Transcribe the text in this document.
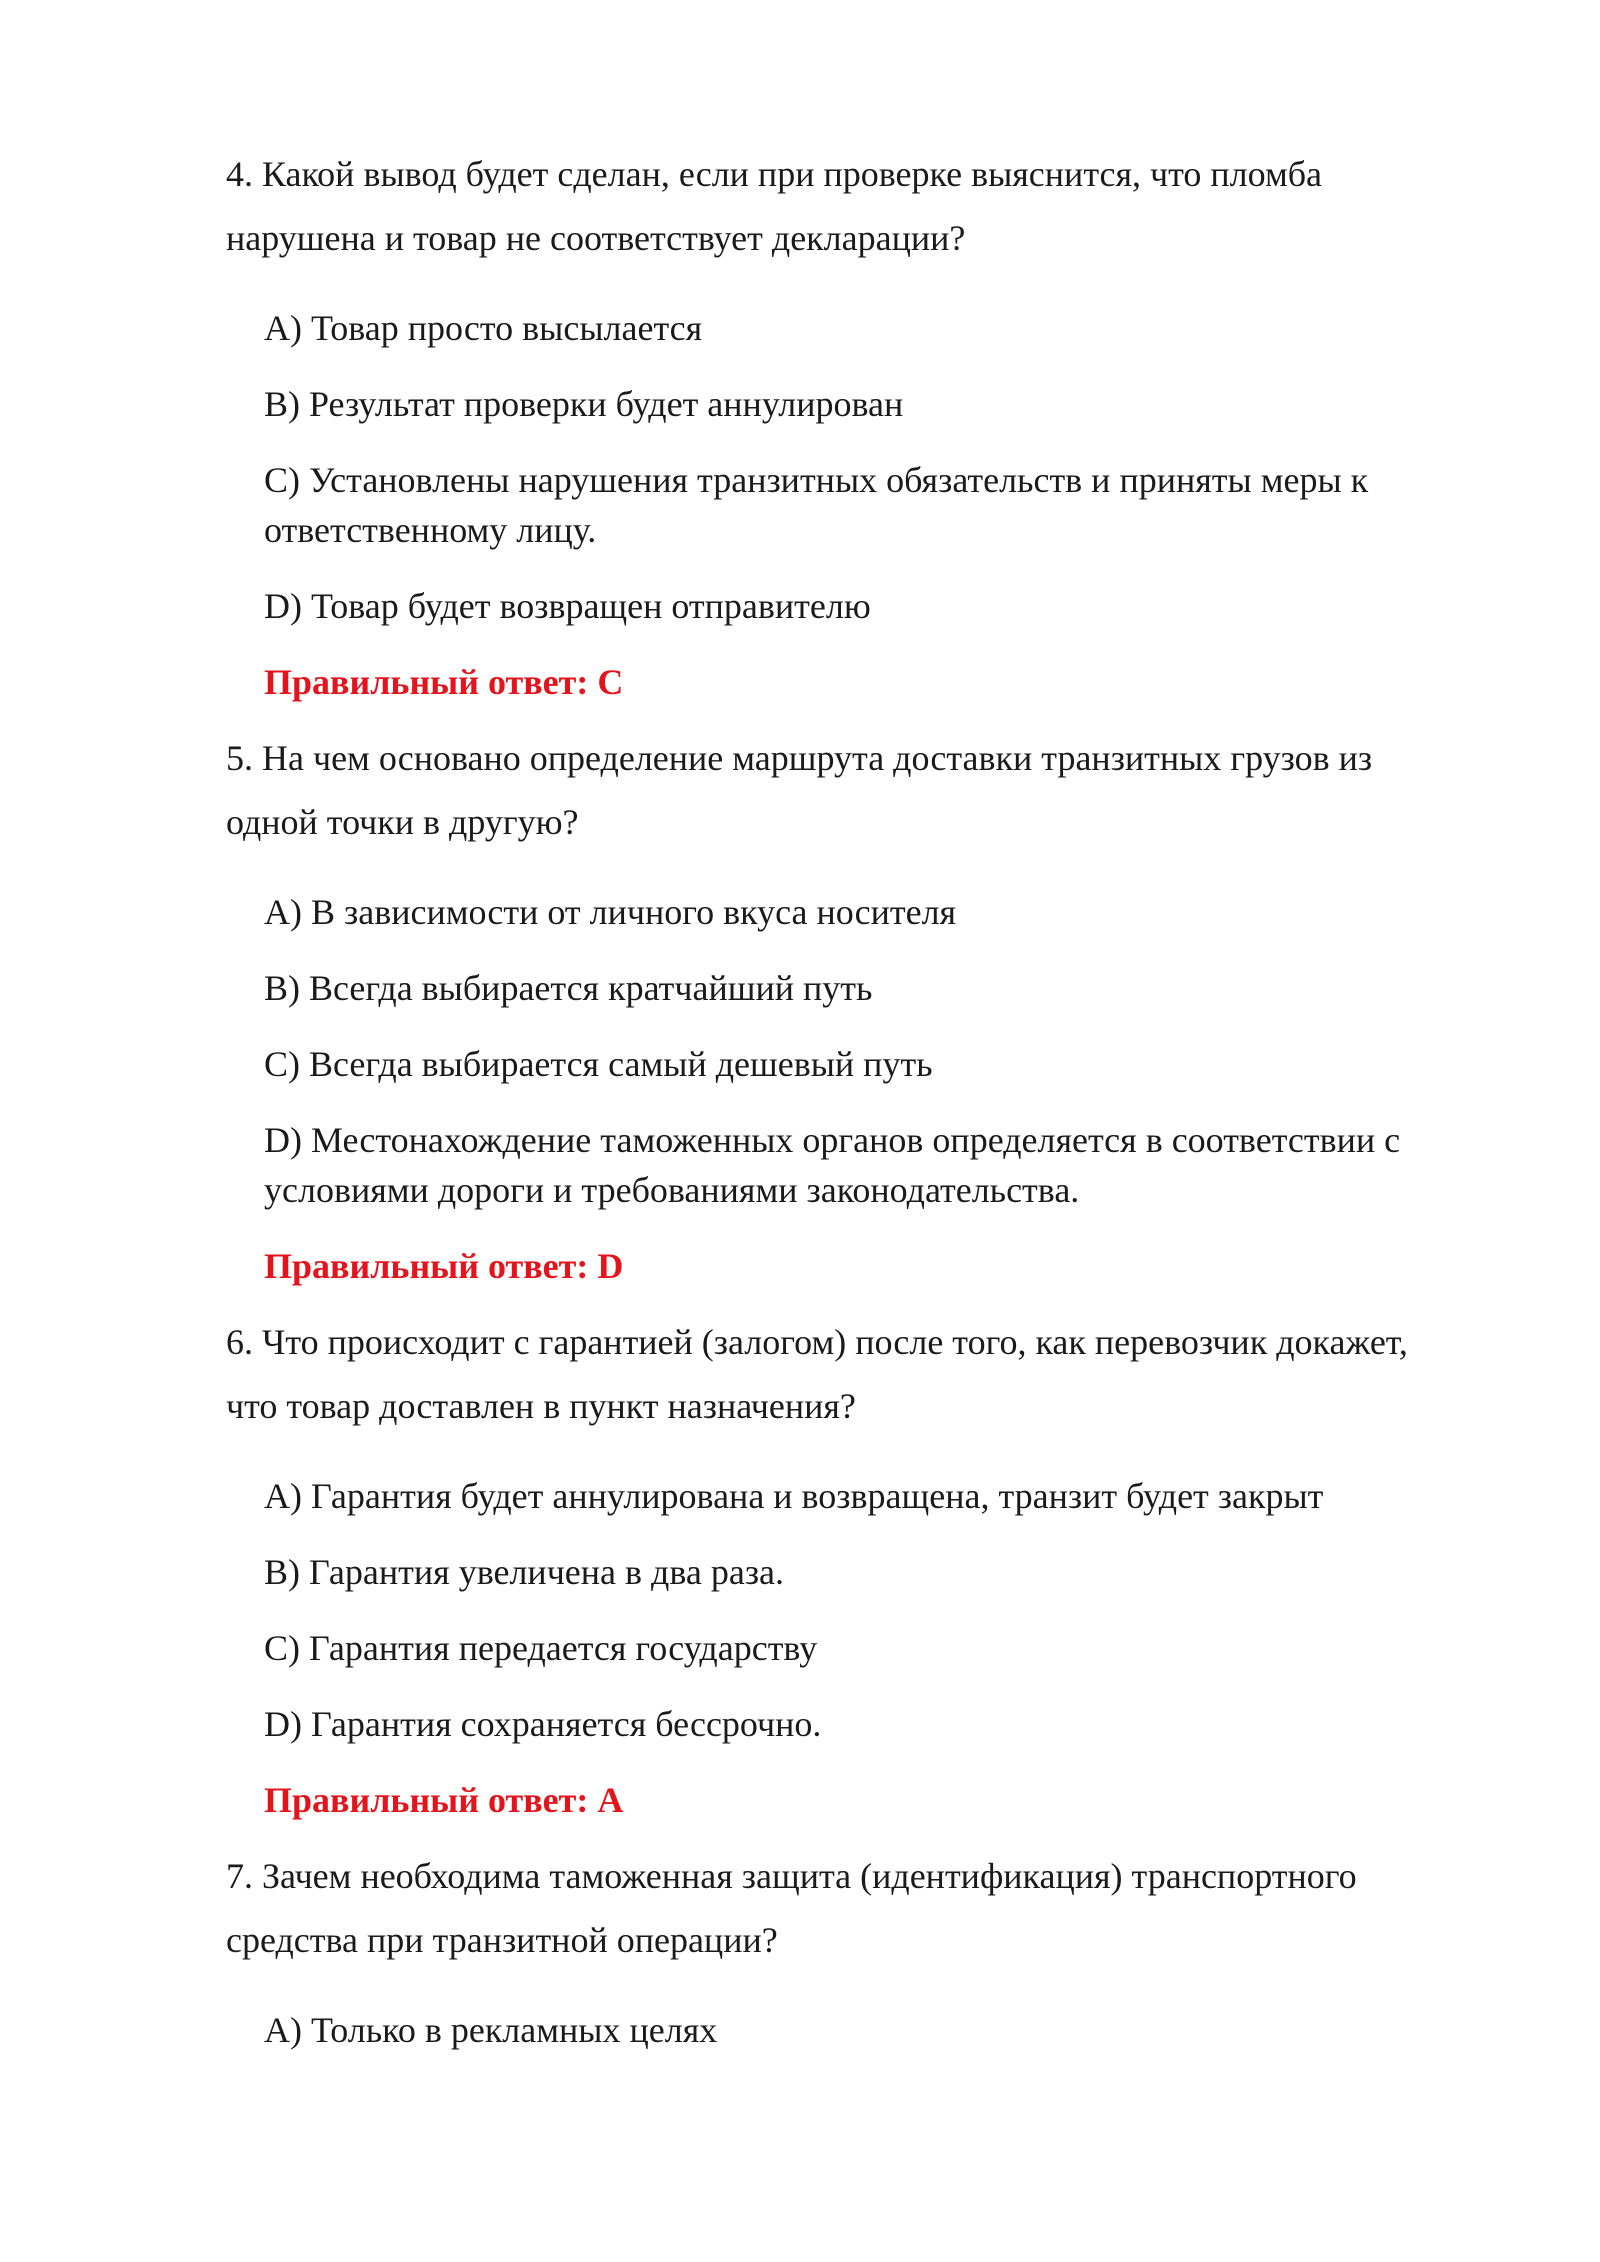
4. Какой вывод будет сделан, если при проверке выяснится, что пломба нарушена и товар не соответствует декларации?

A) Товар просто высылается

B) Результат проверки будет аннулирован

C) Установлены нарушения транзитных обязательств и приняты меры к ответственному лицу.

D) Товар будет возвращен отправителю

Правильный ответ: C

5. На чем основано определение маршрута доставки транзитных грузов из одной точки в другую?

A) В зависимости от личного вкуса носителя

B) Всегда выбирается кратчайший путь

C) Всегда выбирается самый дешевый путь

D) Местонахождение таможенных органов определяется в соответствии с условиями дороги и требованиями законодательства.

Правильный ответ: D

6. Что происходит с гарантией (залогом) после того, как перевозчик докажет, что товар доставлен в пункт назначения?

A) Гарантия будет аннулирована и возвращена, транзит будет закрыт

B) Гарантия увеличена в два раза.

C) Гарантия передается государству

D) Гарантия сохраняется бессрочно.

Правильный ответ: A

7. Зачем необходима таможенная защита (идентификация) транспортного средства при транзитной операции?

A) Только в рекламных целях
